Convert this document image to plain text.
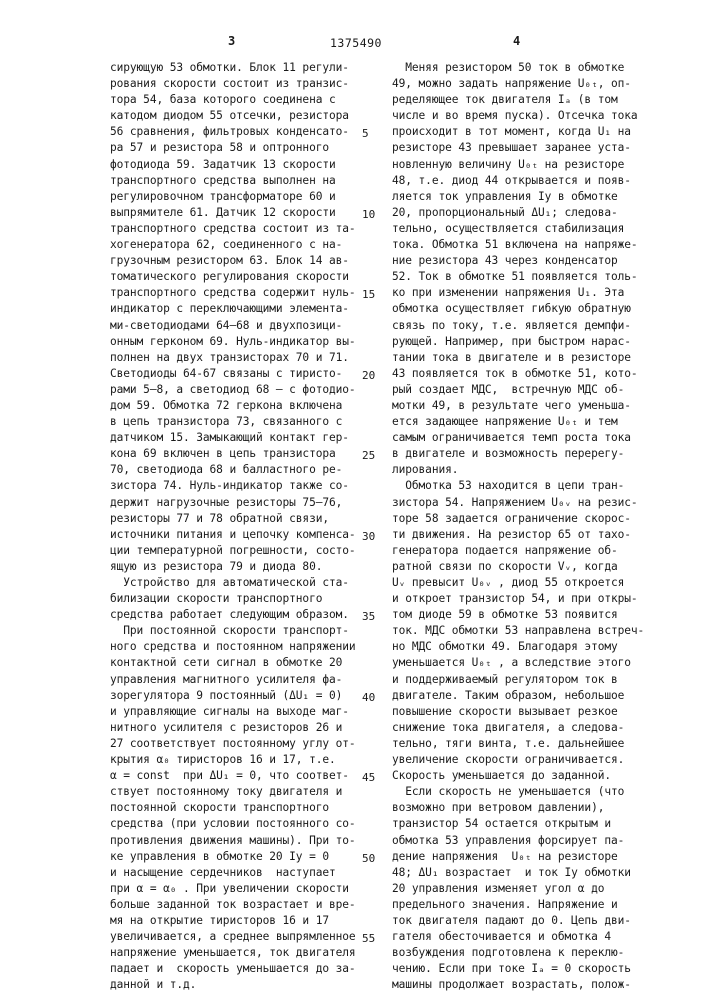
3	1375490	4
сирующую 53 обмотки. Блок 11 регули-
рования скорости состоит из транзис-
тора 54, база которого соединена с
катодом диодом 55 отсечки, резистора
56 сравнения, фильтровых конденсато-
ра 57 и резистора 58 и оптронного
фотодиода 59. Задатчик 13 скорости
транспортного средства выполнен на
регулировочном трансформаторе 60 и
выпрямителе 61. Датчик 12 скорости
транспортного средства состоит из та-
хогенератора 62, соединенного с на-
грузочным резистором 63. Блок 14 ав-
томатического регулирования скорости
транспортного средства содержит нуль-
индикатор с переключающими элемента-
ми-светодиодами 64–68 и двухпозици-
онным герконом 69. Нуль-индикатор вы-
полнен на двух транзисторах 70 и 71.
Светодиоды 64-67 связаны с тиристо-
рами 5–8, а светодиод 68 – с фотодио-
дом 59. Обмотка 72 геркона включена
в цепь транзистора 73, связанного с
датчиком 15. Замыкающий контакт гер-
кона 69 включен в цепь транзистора
70, светодиода 68 и балластного ре-
зистора 74. Нуль-индикатор также со-
держит нагрузочные резисторы 75–76,
резисторы 77 и 78 обратной связи,
источники питания и цепочку компенса-
ции температурной погрешности, состо-
ящую из резистора 79 и диода 80.
Устройство для автоматической ста-
билизации скорости транспортного
средства работает следующим образом.
При постоянной скорости транспорт-
ного средства и постоянном напряжении
контактной сети сигнал в обмотке 20
управления магнитного усилителя фа-
зорегулятора 9 постоянный (ΔU₁ = 0)
и управляющие сигналы на выходе маг-
нитного усилителя с резисторов 26 и
27 соответствует постоянному углу от-
крытия α₀ тиристоров 16 и 17, т.е.
α = const  при ΔU₁ = 0, что соответ-
ствует постоянному току двигателя и
постоянной скорости транспортного
средства (при условии постоянного со-
противления движения машины). При то-
ке управления в обмотке 20 Iу = 0
и насыщение сердечников  наступает
при α = α₀ . При увеличении скорости
больше заданной ток возрастает и вре-
мя на открытие тиристоров 16 и 17
увеличивается, а среднее выпрямленное
напряжение уменьшается, ток двигателя
падает и  скорость уменьшается до за-
данной и т.д.
Меняя резистором 50 ток в обмотке
49, можно задать напряжение U₀ₜ, оп-
ределяющее ток двигателя Iₐ (в том
числе и во время пуска). Отсечка тока
происходит в тот момент, когда U₁ на
резисторе 43 превышает заранее уста-
новленную величину U₀ₜ на резисторе
48, т.е. диод 44 открывается и появ-
ляется ток управления Iу в обмотке
20, пропорциональный ΔU₁; следова-
тельно, осуществляется стабилизация
тока. Обмотка 51 включена на напряже-
ние резистора 43 через конденсатор
52. Ток в обмотке 51 появляется толь-
ко при изменении напряжения U₁. Эта
обмотка осуществляет гибкую обратную
связь по току, т.е. является демпфи-
рующей. Например, при быстром нарас-
тании тока в двигателе и в резисторе
43 появляется ток в обмотке 51, кото-
рый создает МДС,  встречную МДС об-
мотки 49, в результате чего уменьша-
ется задающее напряжение U₀ₜ и тем
самым ограничивается темп роста тока
в двигателе и возможность перерегу-
лирования.
Обмотка 53 находится в цепи тран-
зистора 54. Напряжением U₀ᵥ на резис-
торе 58 задается ограничение скорос-
ти движения. На резистор 65 от тахо-
генератора подается напряжение об-
ратной связи по скорости Vᵥ, когда
Uᵥ превысит U₀ᵥ , диод 55 откроется
и откроет транзистор 54, и при откры-
том диоде 59 в обмотке 53 появится
ток. МДС обмотки 53 направлена встреч-
но МДС обмотки 49. Благодаря этому
уменьшается U₀ₜ , а вследствие этого
и поддерживаемый регулятором ток в
двигателе. Таким образом, небольшое
повышение скорости вызывает резкое
снижение тока двигателя, а следова-
тельно, тяги винта, т.е. дальнейшее
увеличение скорости ограничивается.
Скорость уменьшается до заданной.
Если скорость не уменьшается (что
возможно при ветровом давлении),
транзистор 54 остается открытым и
обмотка 53 управления форсирует па-
дение напряжения  U₀ₜ на резисторе
48; ΔU₁ возрастает  и ток Iу обмотки
20 управления изменяет угол α до
предельного значения. Напряжение и
ток двигателя падают до 0. Цепь дви-
гателя обесточивается и обмотка 4
возбуждения подготовлена к переклю-
чению. Если при токе Iₐ = 0 скорость
машины продолжает возрастать, полож-
5
10
15
20
25
30
35
40
45
50
55
